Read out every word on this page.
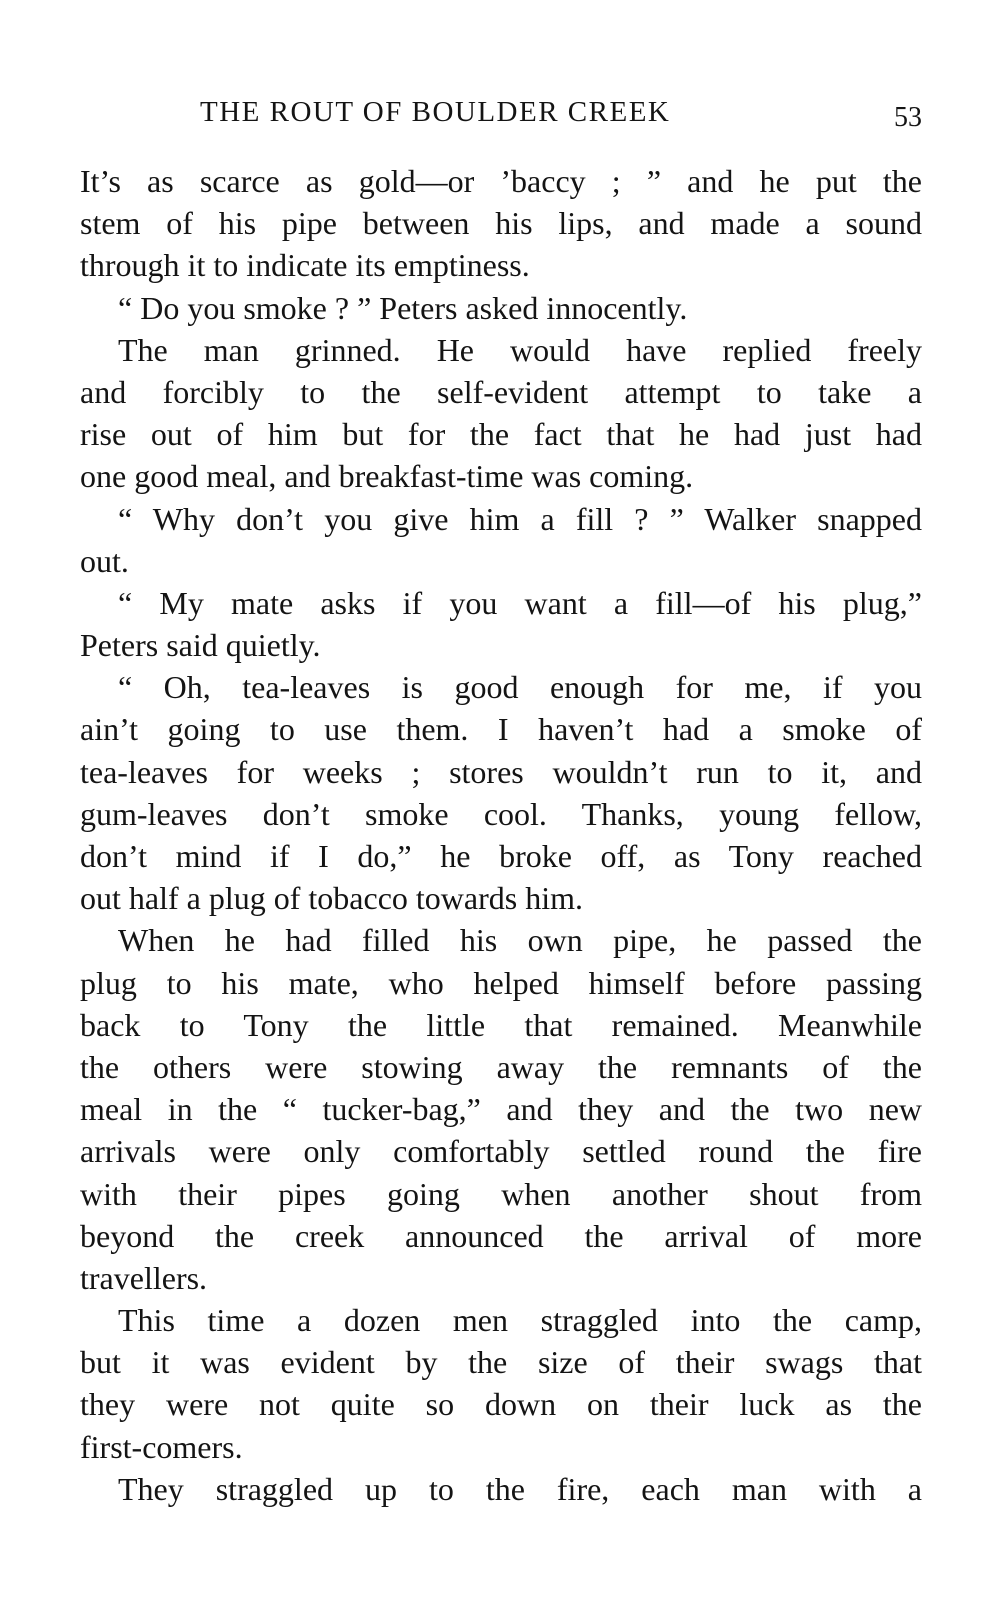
THE ROUT OF BOULDER CREEK	53
It’s as scarce as gold—or ’baccy ; ” and he put the
stem of his pipe between his lips, and made a sound
through it to indicate its emptiness.
“ Do you smoke ? ” Peters asked innocently.
The man grinned. He would have replied freely
and forcibly to the self-evident attempt to take a
rise out of him but for the fact that he had just had
one good meal, and breakfast-time was coming.
“ Why don’t you give him a fill ? ” Walker snapped
out.
“ My mate asks if you want a fill—of his plug,”
Peters said quietly.
“ Oh, tea-leaves is good enough for me, if you
ain’t going to use them. I haven’t had a smoke of
tea-leaves for weeks ; stores wouldn’t run to it, and
gum-leaves don’t smoke cool. Thanks, young fellow,
don’t mind if I do,” he broke off, as Tony reached
out half a plug of tobacco towards him.
When he had filled his own pipe, he passed the
plug to his mate, who helped himself before passing
back to Tony the little that remained. Meanwhile
the others were stowing away the remnants of the
meal in the “ tucker-bag,” and they and the two new
arrivals were only comfortably settled round the fire
with their pipes going when another shout from
beyond the creek announced the arrival of more
travellers.
This time a dozen men straggled into the camp,
but it was evident by the size of their swags that
they were not quite so down on their luck as the
first-comers.
They straggled up to the fire, each man with a
